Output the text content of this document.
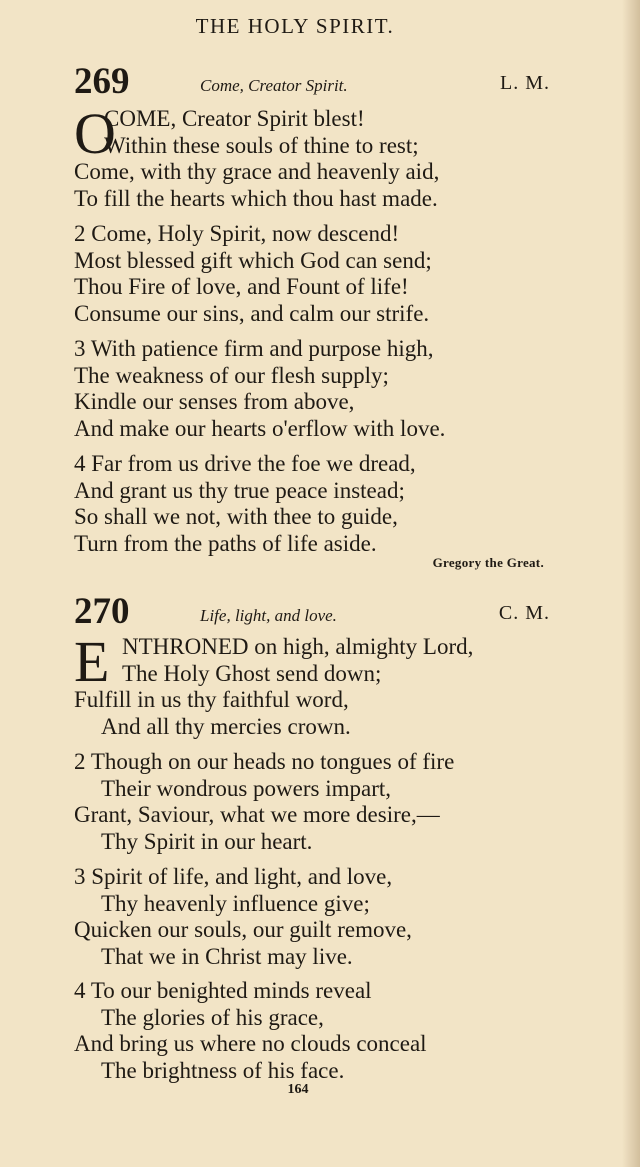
THE HOLY SPIRIT.
269	Come, Creator Spirit.	L. M.
O
COME, Creator Spirit blest!
Within these souls of thine to rest;
Come, with thy grace and heavenly aid,
To fill the hearts which thou hast made.
2 Come, Holy Spirit, now descend!
Most blessed gift which God can send;
Thou Fire of love, and Fount of life!
Consume our sins, and calm our strife.
3 With patience firm and purpose high,
The weakness of our flesh supply;
Kindle our senses from above,
And make our hearts o'erflow with love.
4 Far from us drive the foe we dread,
And grant us thy true peace instead;
So shall we not, with thee to guide,
Turn from the paths of life aside.
Gregory the Great.
270	Life, light, and love.	C. M.
E NTHRONED on high, almighty Lord,
The Holy Ghost send down;
Fulfill in us thy faithful word,
And all thy mercies crown.
2 Though on our heads no tongues of fire
Their wondrous powers impart,
Grant, Saviour, what we more desire,—
Thy Spirit in our heart.
3 Spirit of life, and light, and love,
Thy heavenly influence give;
Quicken our souls, our guilt remove,
That we in Christ may live.
4 To our benighted minds reveal
The glories of his grace,
And bring us where no clouds conceal
The brightness of his face.
164
